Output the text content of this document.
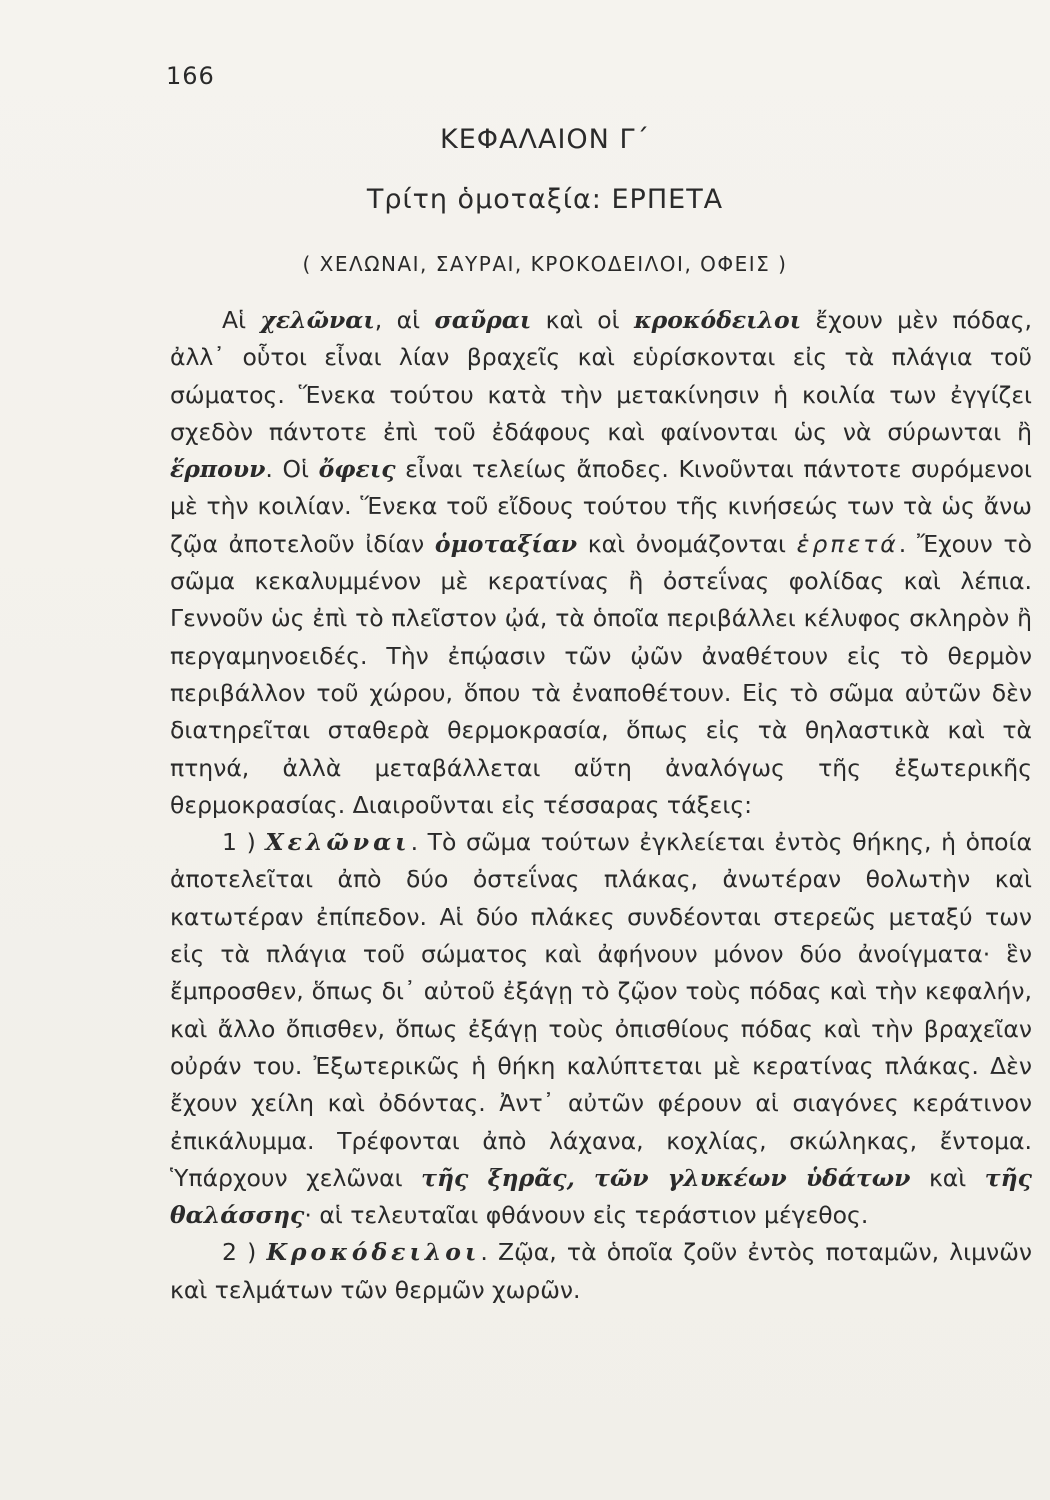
166
ΚΕΦΑΛΑΙΟΝ Γ΄
Τρίτη ὁμοταξία: ΕΡΠΕΤΑ
( ΧΕΛΩΝΑΙ, ΣΑΥΡΑΙ, ΚΡΟΚΟΔΕΙΛΟΙ, ΟΦΕΙΣ )

Αἱ χελῶναι, αἱ σαῦραι καὶ οἱ κροκόδειλοι ἔχουν μὲν πόδας, ἀλλ᾽ οὗτοι εἶναι λίαν βραχεῖς καὶ εὑρίσκονται εἰς τὰ πλάγια τοῦ σώματος. Ἕνεκα τούτου κατὰ τὴν μετακίνησιν ἡ κοιλία των ἐγγίζει σχεδὸν πάντοτε ἐπὶ τοῦ ἐδάφους καὶ φαίνονται ὡς νὰ σύρωνται ἢ ἕρπουν. Οἱ ὄφεις εἶναι τελείως ἄποδες. Κινοῦνται πάντοτε συρόμενοι μὲ τὴν κοιλίαν. Ἕνεκα τοῦ εἴδους τούτου τῆς κινήσεώς των τὰ ὡς ἄνω ζῷα ἀποτελοῦν ἰδίαν ὁμοταξίαν καὶ ὀνομάζονται ἑρπετά. Ἔχουν τὸ σῶμα κεκαλυμμένον μὲ κερατίνας ἢ ὀστεΐνας φολίδας καὶ λέπια. Γεννοῦν ὡς ἐπὶ τὸ πλεῖστον ᾠά, τὰ ὁποῖα περιβάλλει κέλυφος σκληρὸν ἢ περγαμηνοειδές. Τὴν ἐπῴασιν τῶν ᾠῶν ἀναθέτουν εἰς τὸ θερμὸν περιβάλλον τοῦ χώρου, ὅπου τὰ ἐναποθέτουν. Εἰς τὸ σῶμα αὐτῶν δὲν διατηρεῖται σταθερὰ θερμοκρασία, ὅπως εἰς τὰ θηλαστικὰ καὶ τὰ πτηνά, ἀλλὰ μεταβάλλεται αὕτη ἀναλόγως τῆς ἐξωτερικῆς θερμοκρασίας. Διαιροῦνται εἰς τέσσαρας τάξεις:

1 ) Χελῶναι. Τὸ σῶμα τούτων ἐγκλείεται ἐντὸς θήκης, ἡ ὁποία ἀποτελεῖται ἀπὸ δύο ὀστεΐνας πλάκας, ἀνωτέραν θολωτὴν καὶ κατωτέραν ἐπίπεδον. Αἱ δύο πλάκες συνδέονται στερεῶς μεταξύ των εἰς τὰ πλάγια τοῦ σώματος καὶ ἀφήνουν μόνον δύο ἀνοίγματα· ἓν ἔμπροσθεν, ὅπως δι᾽ αὐτοῦ ἐξάγῃ τὸ ζῷον τοὺς πόδας καὶ τὴν κεφαλήν, καὶ ἄλλο ὄπισθεν, ὅπως ἐξάγῃ τοὺς ὀπισθίους πόδας καὶ τὴν βραχεῖαν οὐράν του. Ἐξωτερικῶς ἡ θήκη καλύπτεται μὲ κερατίνας πλάκας. Δὲν ἔχουν χείλη καὶ ὀδόντας. Ἀντ᾽ αὐτῶν φέρουν αἱ σιαγόνες κεράτινον ἐπικάλυμμα. Τρέφονται ἀπὸ λάχανα, κοχλίας, σκώληκας, ἔντομα. Ὑπάρχουν χελῶναι τῆς ξηρᾶς, τῶν γλυκέων ὑδάτων καὶ τῆς θαλάσσης· αἱ τελευταῖαι φθάνουν εἰς τεράστιον μέγεθος.

2 ) Κροκόδειλοι. Ζῷα, τὰ ὁποῖα ζοῦν ἐντὸς ποταμῶν, λιμνῶν καὶ τελμάτων τῶν θερμῶν χωρῶν.
